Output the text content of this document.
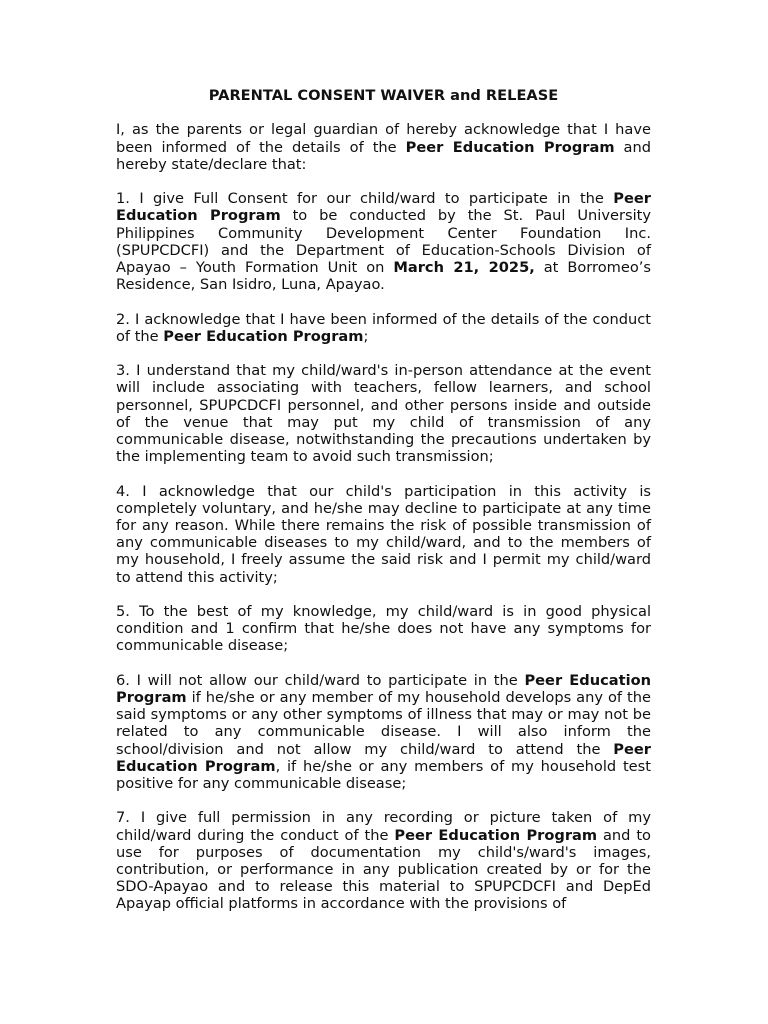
PARENTAL CONSENT WAIVER and RELEASE

I, as the parents or legal guardian of hereby acknowledge that I have been informed of the details of the Peer Education Program and hereby state/declare that:

1. I give Full Consent for our child/ward to participate in the Peer Education Program to be conducted by the St. Paul University Philippines Community Development Center Foundation Inc. (SPUPCDCFI) and the Department of Education-Schools Division of Apayao – Youth Formation Unit on March 21, 2025, at Borromeo’s Residence, San Isidro, Luna, Apayao.

2. I acknowledge that I have been informed of the details of the conduct of the Peer Education Program;

3. I understand that my child/ward's in-person attendance at the event will include associating with teachers, fellow learners, and school personnel, SPUPCDCFI personnel, and other persons inside and outside of the venue that may put my child of transmission of any communicable disease, notwithstanding the precautions undertaken by the implementing team to avoid such transmission;

4. I acknowledge that our child's participation in this activity is completely voluntary, and he/she may decline to participate at any time for any reason. While there remains the risk of possible transmission of any communicable diseases to my child/ward, and to the members of my household, I freely assume the said risk and I permit my child/ward to attend this activity;

5. To the best of my knowledge, my child/ward is in good physical condition and 1 confirm that he/she does not have any symptoms for communicable disease;

6. I will not allow our child/ward to participate in the Peer Education Program if he/she or any member of my household develops any of the said symptoms or any other symptoms of illness that may or may not be related to any communicable disease. I will also inform the school/division and not allow my child/ward to attend the Peer Education Program, if he/she or any members of my household test positive for any communicable disease;

7. I give full permission in any recording or picture taken of my child/ward during the conduct of the Peer Education Program and to use for purposes of documentation my child's/ward's images, contribution, or performance in any publication created by or for the SDO-Apayao and to release this material to SPUPCDCFI and DepEd Apayap official platforms in accordance with the provisions of
